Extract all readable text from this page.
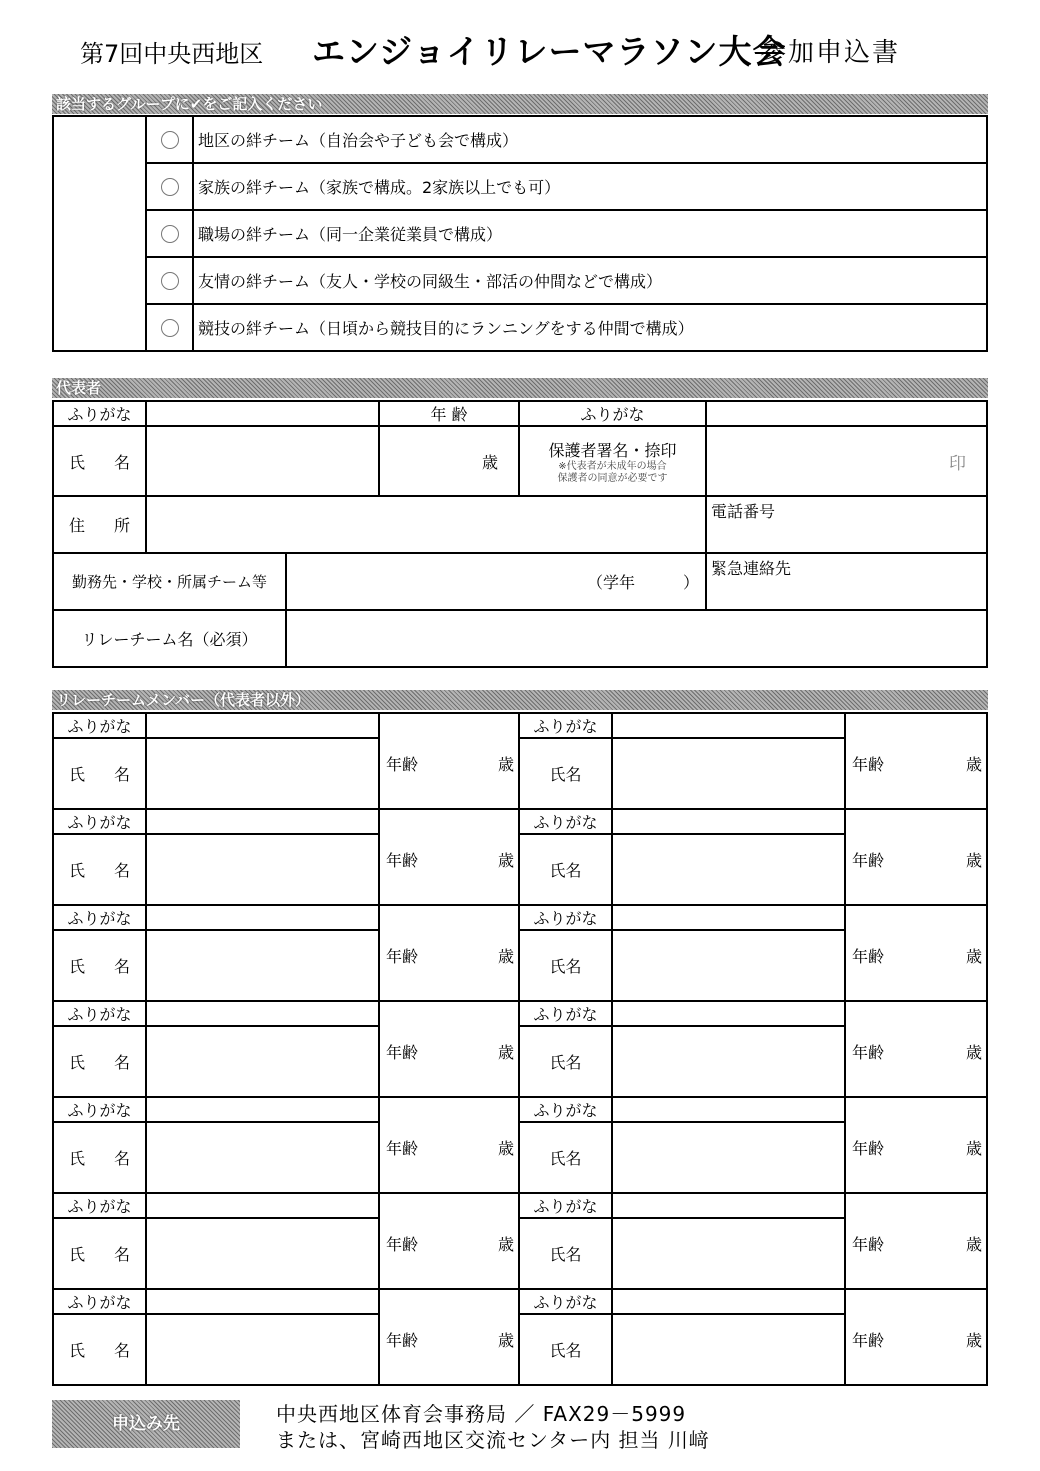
第7回中央西地区 エンジョイリレーマラソン大会
参加申込書
該当するグループに✔をご記入ください
		地区の絆チーム（自治会や子ども会で構成）
		家族の絆チーム（家族で構成。2家族以上でも可）
		職場の絆チーム（同一企業従業員で構成）
		友情の絆チーム（友人・学校の同級生・部活の仲間などで構成）
		競技の絆チーム（日頃から競技目的にランニングをする仲間で構成）
代表者
ふりがな			年 齢	ふりがな	
氏 名			歳	保護者署名・捺印
※代表者が未成年の場合
保護者の同意が必要です	印
住 所					電話番号
勤務先・学校・所属チーム等		（学年　　　）			緊急連絡先
リレーチーム名（必須）					
リレーチームメンバー（代表者以外）
ふりがな		年齢 歳	ふりがな		年齢 歳

氏 名			氏名		
ふりがな		年齢 歳	ふりがな		年齢 歳

氏 名			氏名		
ふりがな		年齢 歳	ふりがな		年齢 歳

氏 名			氏名		
ふりがな		年齢 歳	ふりがな		年齢 歳

氏 名			氏名		
ふりがな		年齢 歳	ふりがな		年齢 歳

氏 名			氏名		
ふりがな		年齢 歳	ふりがな		年齢 歳

氏 名			氏名		
ふりがな		年齢 歳	ふりがな		年齢 歳

氏 名			氏名		
申込み先	中央西地区体育会事務局 ／ FAX29－5999
または、宮崎西地区交流センター内 担当 川﨑
